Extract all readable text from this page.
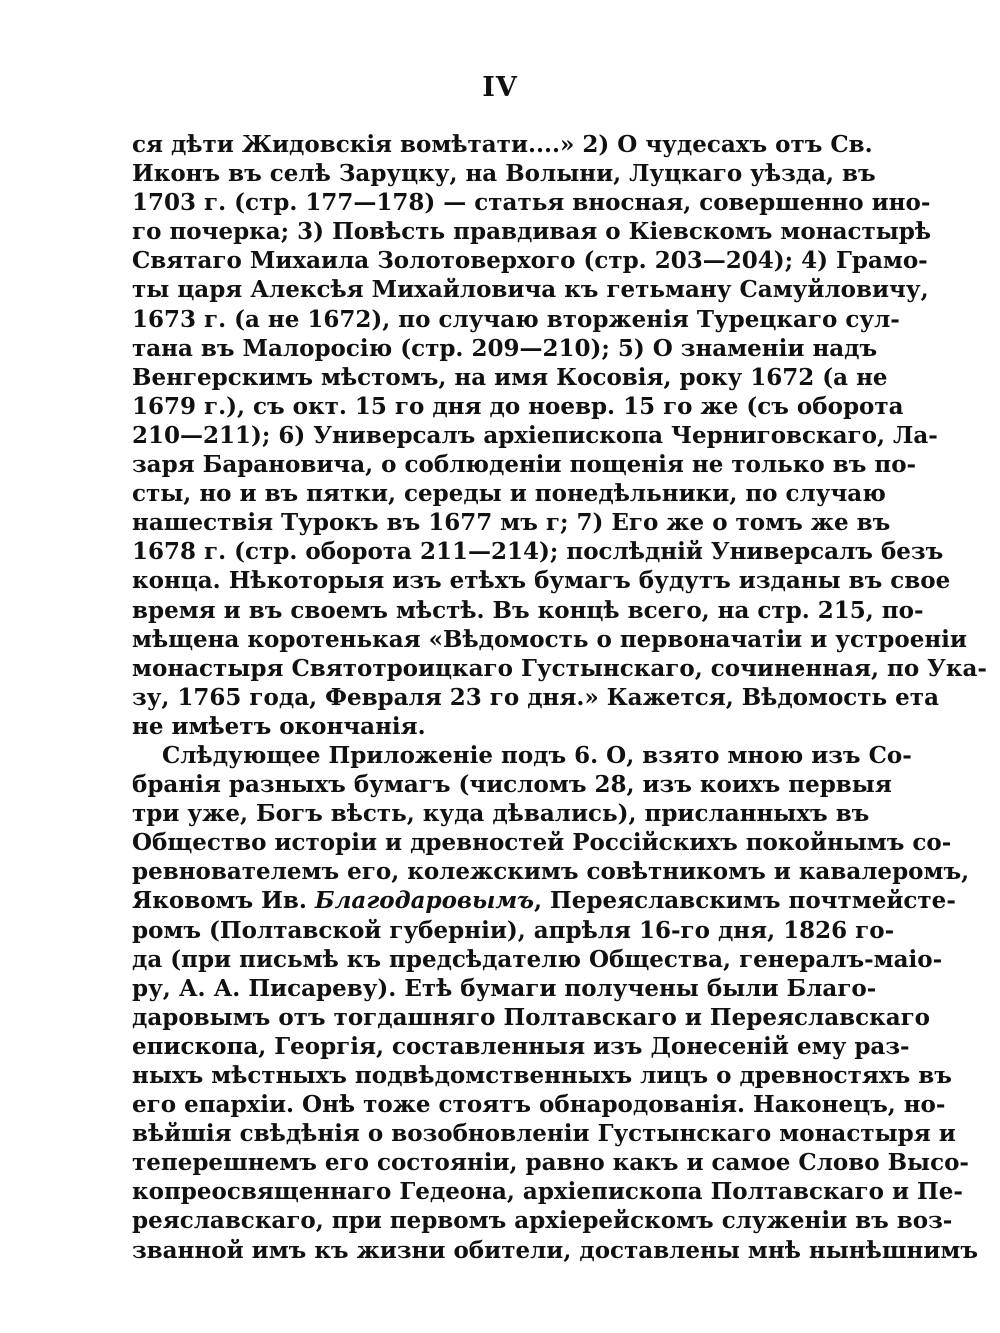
IV
ся дѣти Жидовскія вомѣтати....» 2) О чудесахъ отъ Св.
Иконъ въ селѣ Заруцку, на Волыни, Луцкаго уѣзда, въ
1703 г. (стр. 177—178) — статья вносная, совершенно ино-
го почерка; 3) Повѣсть правдивая о Кіевскомъ монастырѣ
Святаго Михаила Золотоверхого (стр. 203—204); 4) Грамо-
ты царя Алексѣя Михайловича къ гетьману Самуйловичу,
1673 г. (а не 1672), по случаю вторженія Турецкаго сул-
тана въ Малоросію (стр. 209—210); 5) О знаменіи надъ
Венгерскимъ мѣстомъ, на имя Косовія, року 1672 (а не
1679 г.), съ окт. 15 го дня до ноевр. 15 го же (съ оборота
210—211); 6) Универсалъ архіепископа Черниговскаго, Ла-
заря Барановича, о соблюденіи пощенія не только въ по-
сты, но и въ пятки, середы и понедѣльники, по случаю
нашествія Турокъ въ 1677 мъ г; 7) Его же о томъ же въ
1678 г. (стр. оборота 211—214); послѣдній Универсалъ безъ
конца. Нѣкоторыя изъ етѣхъ бумагъ будутъ изданы въ свое
время и въ своемъ мѣстѣ. Въ концѣ всего, на стр. 215, по-
мѣщена коротенькая «Вѣдомость о первоначатіи и устроеніи
монастыря Святотроицкаго Густынскаго, сочиненная, по Ука-
зу, 1765 года, Февраля 23 го дня.» Кажется, Вѣдомость ета
не имѣетъ окончанія.
Слѣдующее Приложеніе подъ 6. О, взято мною изъ Со-
бранія разныхъ бумагъ (числомъ 28, изъ коихъ первыя
три уже, Богъ вѣсть, куда дѣвались), присланныхъ въ
Общество исторіи и древностей Россійскихъ покойнымъ со-
ревнователемъ его, колежскимъ совѣтникомъ и кавалеромъ,
Яковомъ Ив. Благодаровымъ, Переяславскимъ почтмейсте-
ромъ (Полтавской губерніи), апрѣля 16-го дня, 1826 го-
да (при письмѣ къ предсѣдателю Общества, генералъ-маіо-
ру, А. А. Писареву). Етѣ бумаги получены были Благо-
даровымъ отъ тогдашняго Полтавскаго и Переяславскаго
епископа, Георгія, составленныя изъ Донесеній ему раз-
ныхъ мѣстныхъ подвѣдомственныхъ лицъ о древностяхъ въ
его епархіи. Онѣ тоже стоятъ обнародованія. Наконецъ, но-
вѣйшія свѣдѣнія о возобновленіи Густынскаго монастыря и
теперешнемъ его состояніи, равно какъ и самое Слово Высо-
копреосвященнаго Гедеона, архіепископа Полтавскаго и Пе-
реяславскаго, при первомъ архіерейскомъ служеніи въ воз-
званной имъ къ жизни обители, доставлены мнѣ нынѣшнимъ
